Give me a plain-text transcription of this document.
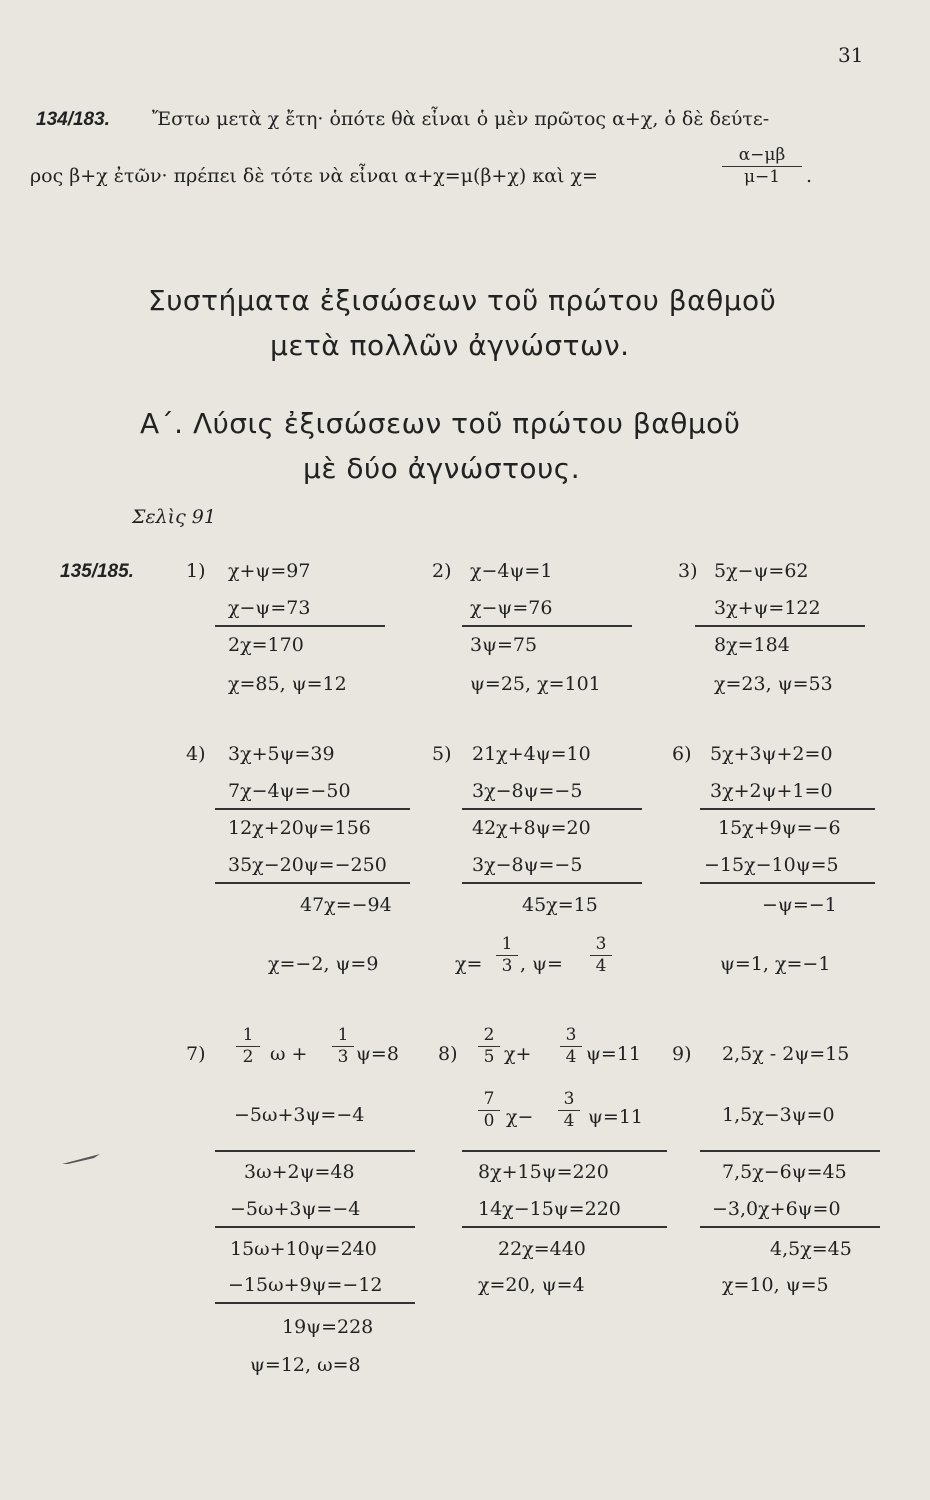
31
134/183. Ἔστω μετὰ χ ἔτη· ὁπότε θὰ εἶναι ὁ μὲν πρῶτος α+χ, ὁ δὲ δεύτε-
ρος β+χ ἐτῶν· πρέπει δὲ τότε νὰ εἶναι α+χ=μ(β+χ) καὶ χ=
α−μβ
μ−1 .
Συστήματα ἐξισώσεων τοῦ πρώτου βαθμοῦ
μετὰ πολλῶν ἀγνώστων.
Α΄. Λύσις ἐξισώσεων τοῦ πρώτου βαθμοῦ
μὲ δύο ἀγνώστους.
Σελὶς 91
135/185.	1) χ+ψ=97
χ−ψ=73
2χ=170
χ=85, ψ=12
2) χ−4ψ=1
χ−ψ=76
3ψ=75
ψ=25, χ=101
3) 5χ−ψ=62
3χ+ψ=122
8χ=184
χ=23, ψ=53
4) 3χ+5ψ=39
7χ−4ψ=−50
12χ+20ψ=156
35χ−20ψ=−250
47χ=−94
χ=−2, ψ=9
5) 21χ+4ψ=10
3χ−8ψ=−5
42χ+8ψ=20
3χ−8ψ=−5
45χ=15
χ=
1
3 , ψ=
3
4
6) 5χ+3ψ+2=0
3χ+2ψ+1=0
15χ+9ψ=−6
−15χ−10ψ=5
−ψ=−1
ψ=1, χ=−1
7)
1
2 ω +
1
3 ψ=8
−5ω+3ψ=−4
3ω+2ψ=48
−5ω+3ψ=−4
15ω+10ψ=240
−15ω+9ψ=−12
19ψ=228
ψ=12, ω=8
8)
2
5 χ+
3
4 ψ=11
7
0 χ−
3
4 ψ=11
8χ+15ψ=220
14χ−15ψ=220
22χ=440
χ=20, ψ=4
9) 2,5χ - 2ψ=15
1,5χ−3ψ=0
7,5χ−6ψ=45
−3,0χ+6ψ=0
4,5χ=45
χ=10, ψ=5
